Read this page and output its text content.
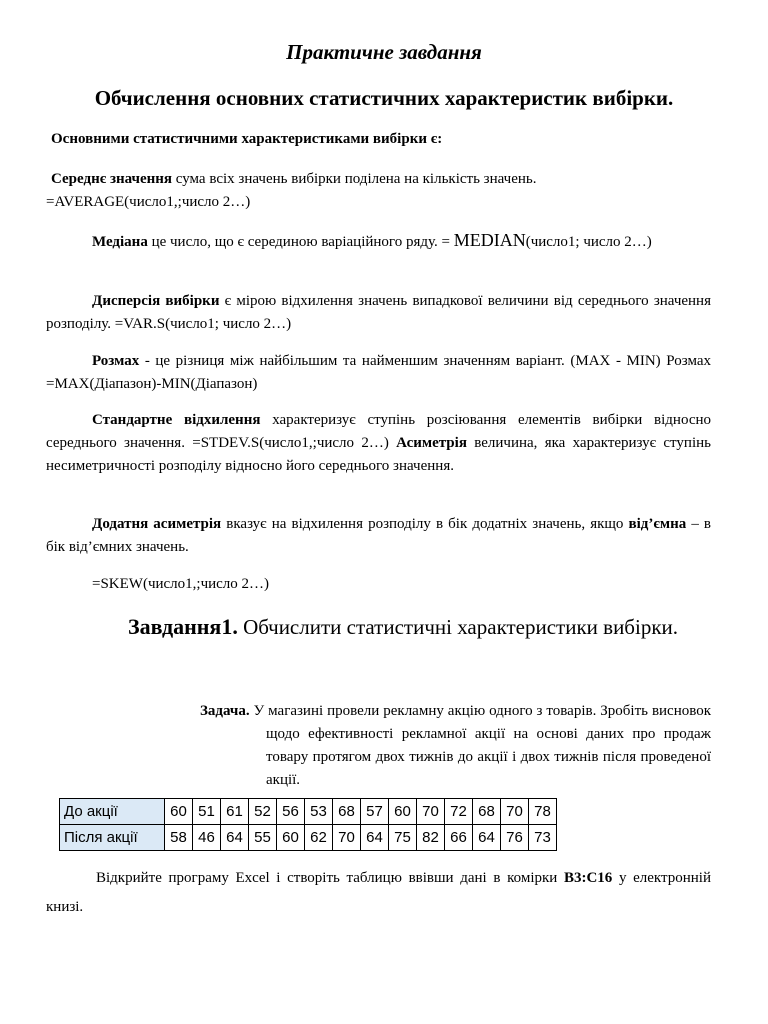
Практичне завдання
Обчислення основних статистичних характеристик вибірки.

Основними статистичними характеристиками вибірки є:

Середнє значення сума всіх значень вибірки поділена на кількість значень.
=AVERAGE(число1,;число 2…)

Медіана це число, що є серединою варіаційного ряду. = MEDIAN(число1; число 2…)

Дисперсія вибірки є мірою відхилення значень випадкової величини від середнього значення розподілу. =VAR.S(число1; число 2…)

Розмах - це різниця між найбільшим та найменшим значенням варіант. (MAX - MIN) Розмах =MAX(Діапазон)-MIN(Діапазон)

Стандартне відхилення характеризує ступінь розсіювання елементів вибірки відносно середнього значення. =STDEV.S(число1,;число 2…) Асиметрія величина, яка характеризує ступінь несиметричності розподілу відносно його середнього значення.

Додатня асиметрія вказує на відхилення розподілу в бік додатніх значень, якщо від’ємна – в бік від’ємних значень.

=SKEW(число1,;число 2…)

Завдання1. Обчислити статистичні характеристики вибірки.

Задача. У магазині провели рекламну акцію одного з товарів. Зробіть висновок щодо ефективності рекламної акції на основі даних про продаж товару протягом двох тижнів до акції і двох тижнів після проведеної акції.

До акції	60	51	61	52	56	53	68	57	60	70	72	68	70	78
Після акції	58	46	64	55	60	62	70	64	75	82	66	64	76	73

Відкрийте програму Excel і створіть таблицю ввівши дані в комірки B3:C16 у електронній книзі.
